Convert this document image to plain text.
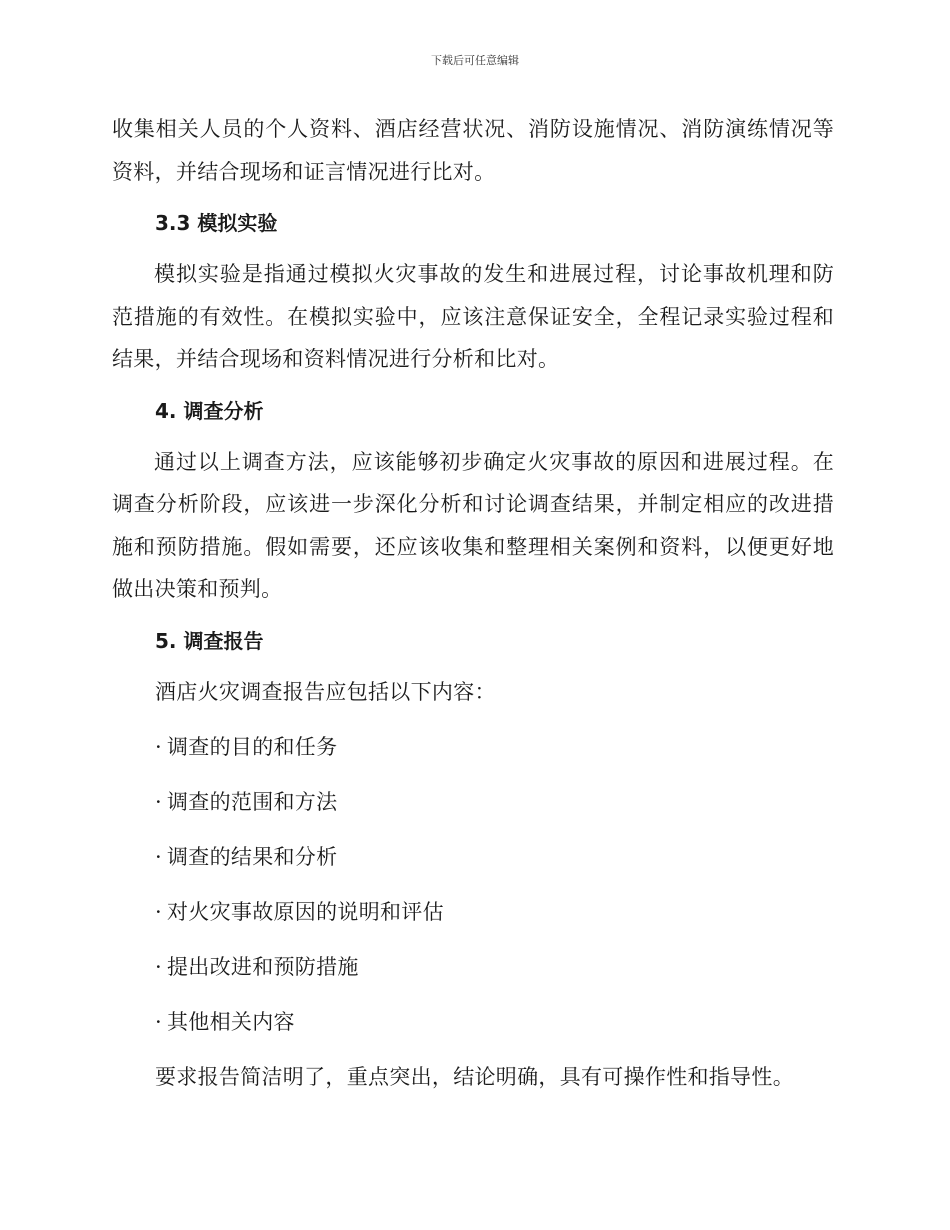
下载后可任意编辑

收集相关人员的个人资料、酒店经营状况、消防设施情况、消防演练情况等资料，并结合现场和证言情况进行比对。

3.3 模拟实验

模拟实验是指通过模拟火灾事故的发生和进展过程，讨论事故机理和防范措施的有效性。在模拟实验中，应该注意保证安全，全程记录实验过程和结果，并结合现场和资料情况进行分析和比对。

4. 调查分析

通过以上调查方法，应该能够初步确定火灾事故的原因和进展过程。在调查分析阶段，应该进一步深化分析和讨论调查结果，并制定相应的改进措施和预防措施。假如需要，还应该收集和整理相关案例和资料，以便更好地做出决策和预判。

5. 调查报告

酒店火灾调查报告应包括以下内容：

· 调查的目的和任务
· 调查的范围和方法
· 调查的结果和分析
· 对火灾事故原因的说明和评估
· 提出改进和预防措施
· 其他相关内容

要求报告简洁明了，重点突出，结论明确，具有可操作性和指导性。
